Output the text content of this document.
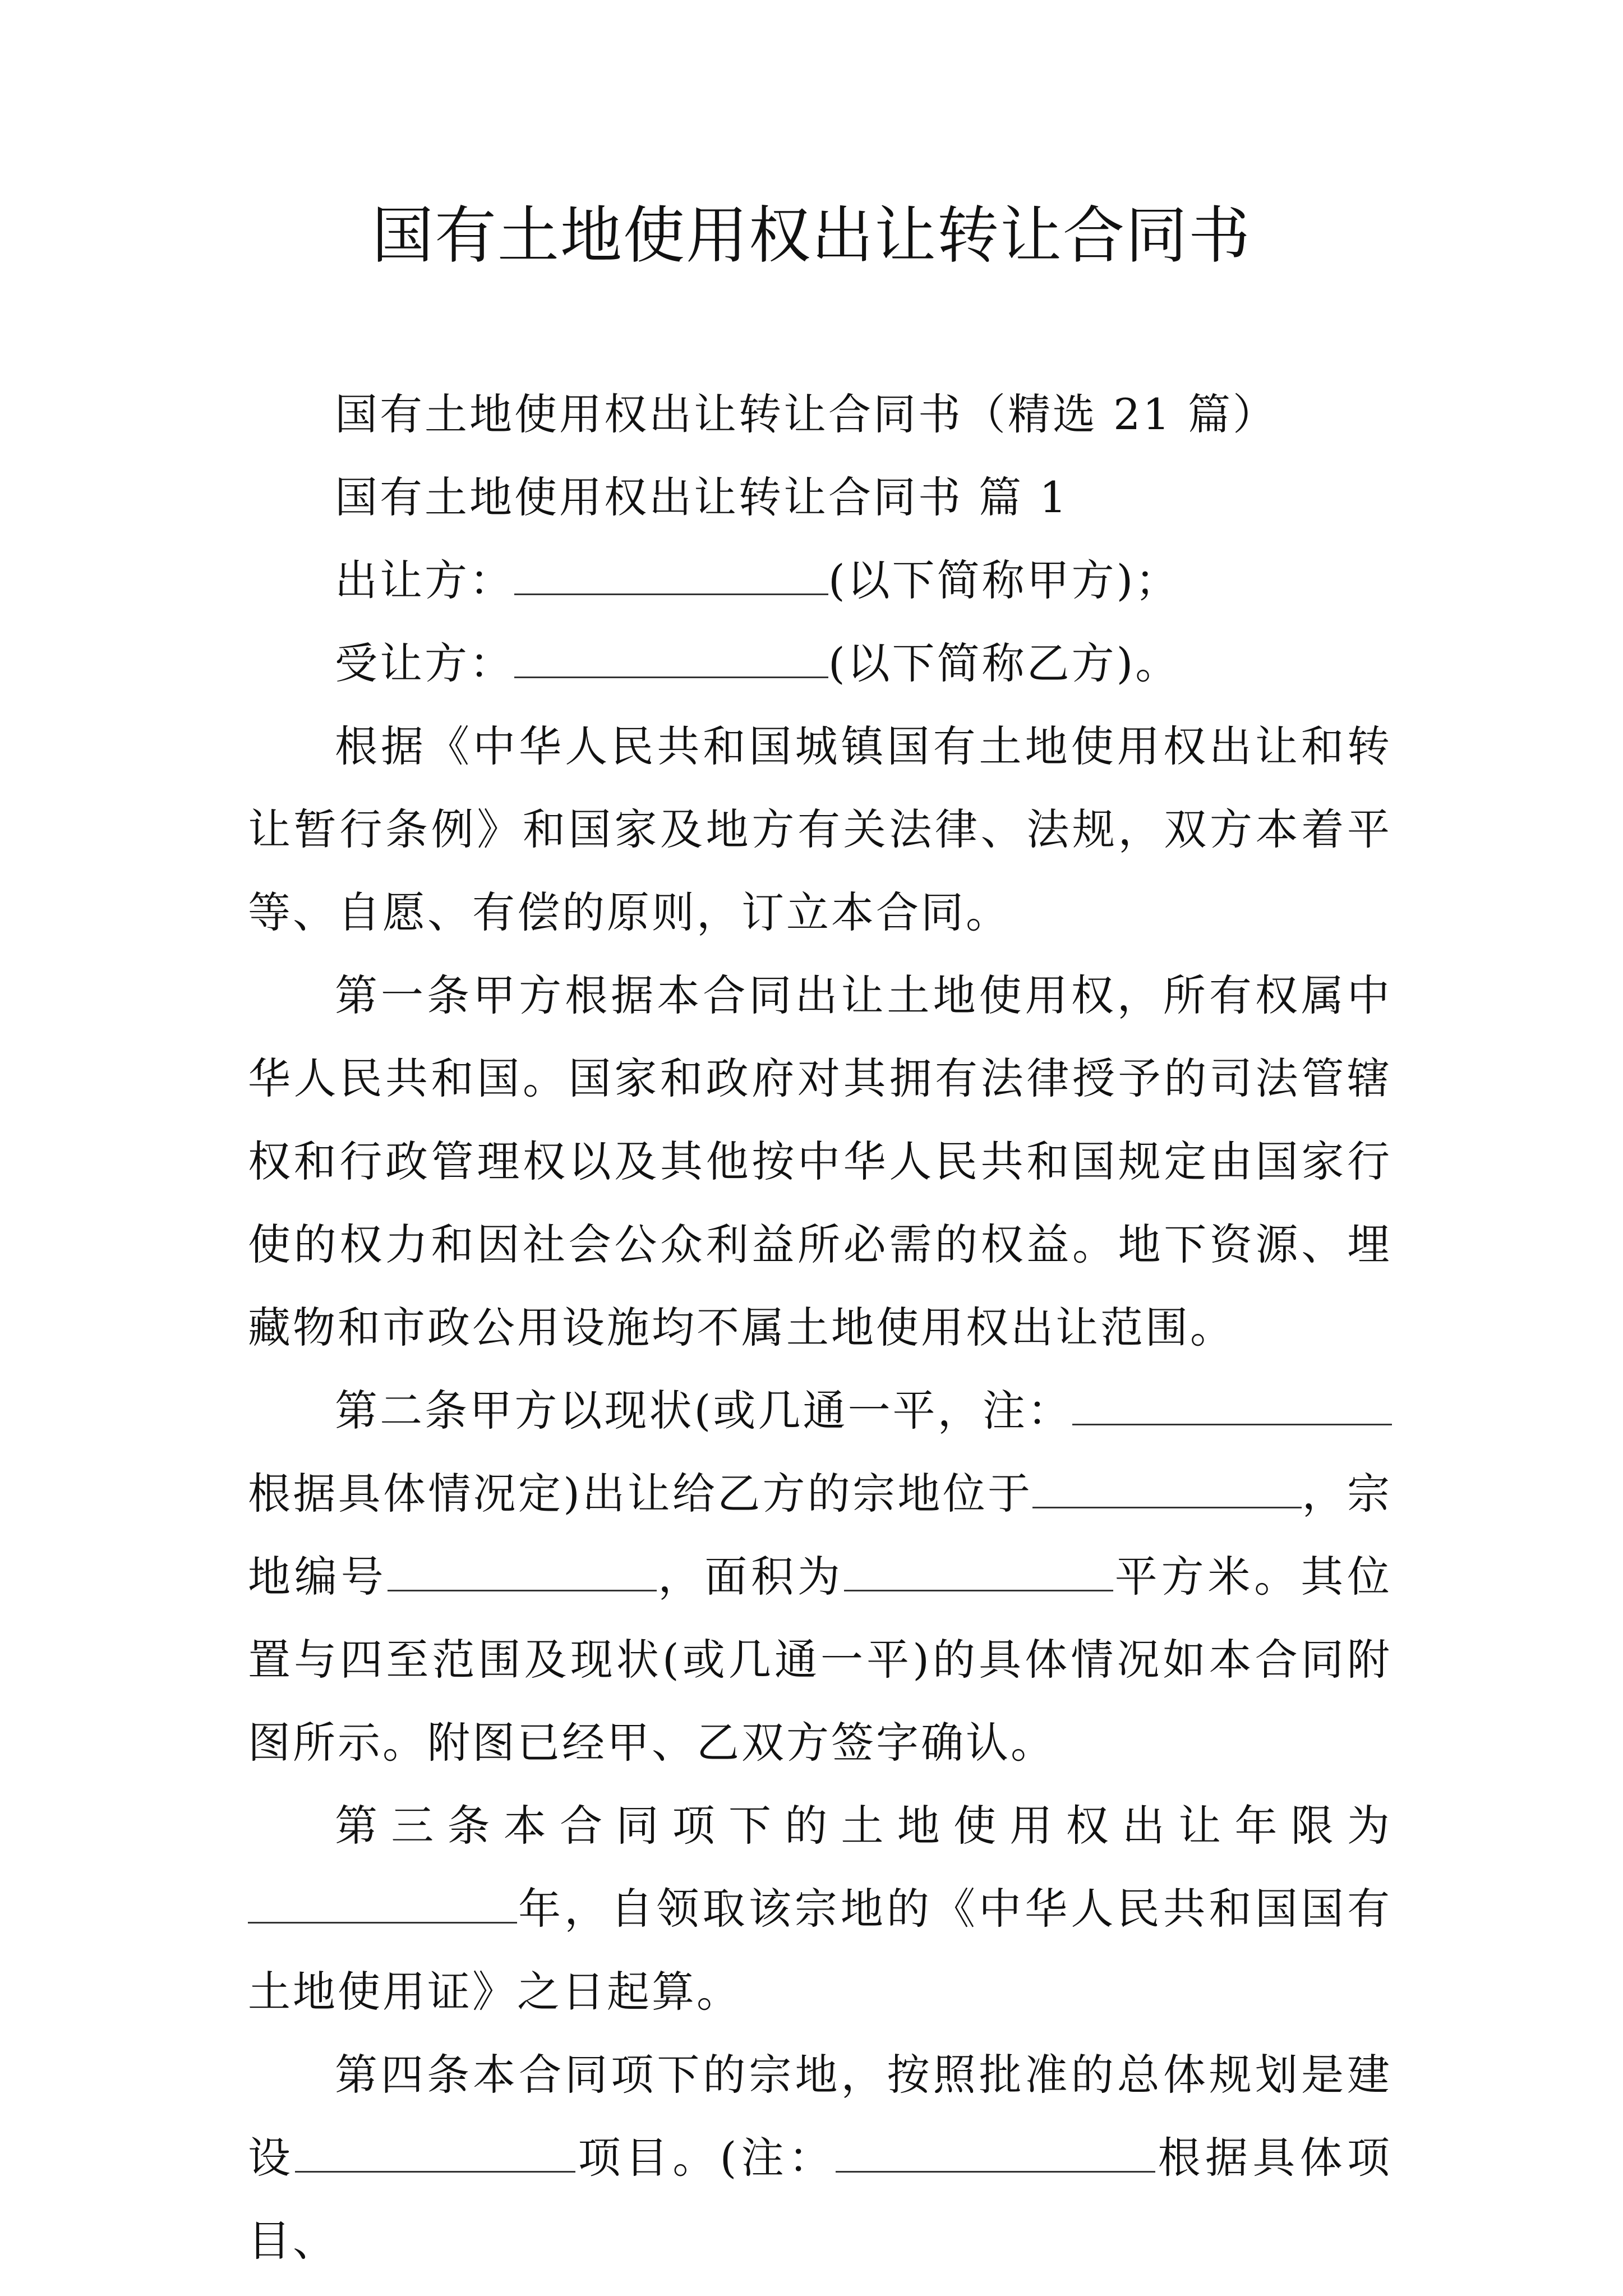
国有土地使用权出让转让合同书
国有土地使用权出让转让合同书（精选 21 篇）
国有土地使用权出让转让合同书 篇 1
出让方：	(以下简称甲方)；
受让方：	(以下简称乙方)。

根据《中华人民共和国城镇国有土地使用权出让和转让暂行条例》和国家及地方有关法律、法规，双方本着平等、自愿、有偿的原则，订立本合同。

第一条甲方根据本合同出让土地使用权，所有权属中华人民共和国。国家和政府对其拥有法律授予的司法管辖权和行政管理权以及其他按中华人民共和国规定由国家行使的权力和因社会公众利益所必需的权益。地下资源、埋藏物和市政公用设施均不属土地使用权出让范围。

第二条甲方以现状(或几通一平，注：根据具体情况定)出让给乙方的宗地位于	，宗地编号	，面积为	平方米。其位置与四至范围及现状(或几通一平)的具体情况如本合同附图所示。附图已经甲、乙双方签字确认。

第三条本合同项下的土地使用权出让年限为年，自领取该宗地的《中华人民共和国国有土地使用证》之日起算。

第四条本合同项下的宗地，按照批准的总体规划是建设	项目。(注：	根据具体项目、
